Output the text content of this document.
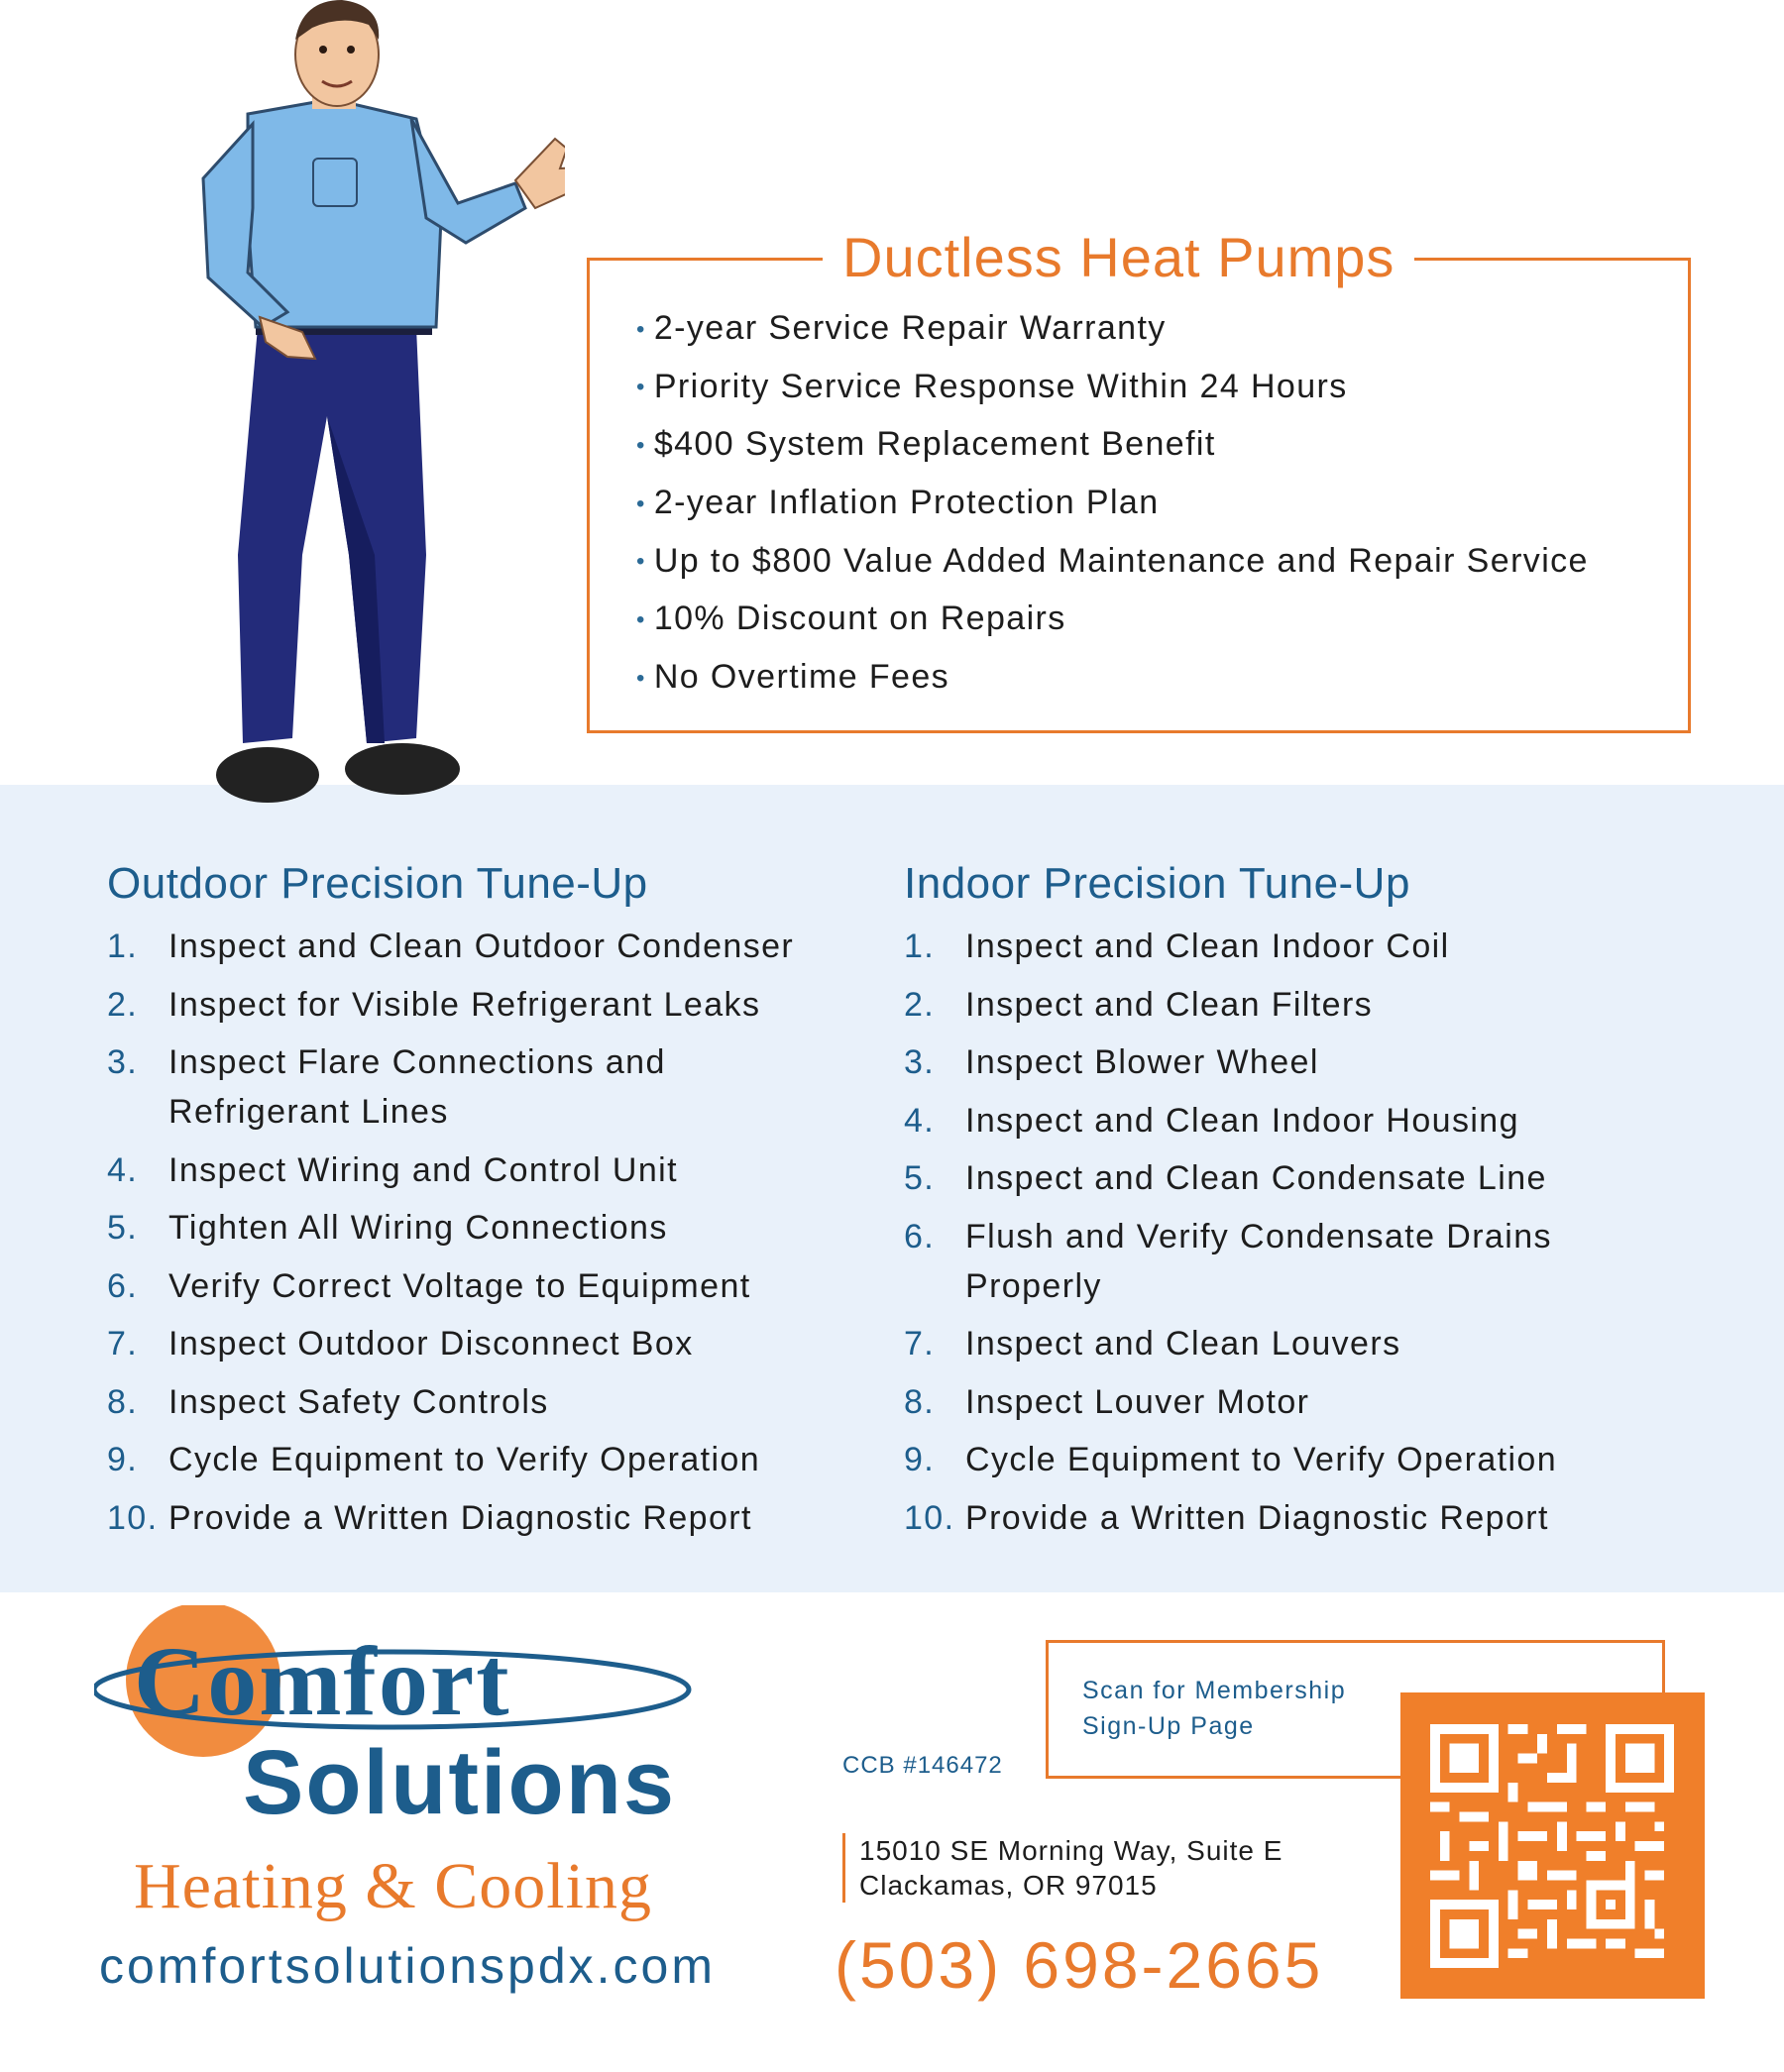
Ductless Heat Pumps
• 2-year Service Repair Warranty
• Priority Service Response Within 24 Hours
• $400 System Replacement Benefit
• 2-year Inflation Protection Plan
• Up to $800 Value Added Maintenance and Repair Service
• 10% Discount on Repairs
• No Overtime Fees
Outdoor Precision Tune-Up
1. Inspect and Clean Outdoor Condenser
2. Inspect for Visible Refrigerant Leaks
3. Inspect Flare Connections and Refrigerant Lines
4. Inspect Wiring and Control Unit
5. Tighten All Wiring Connections
6. Verify Correct Voltage to Equipment
7. Inspect Outdoor Disconnect Box
8. Inspect Safety Controls
9. Cycle Equipment to Verify Operation
10. Provide a Written Diagnostic Report
Indoor Precision Tune-Up
1. Inspect and Clean Indoor Coil
2. Inspect and Clean Filters
3. Inspect Blower Wheel
4. Inspect and Clean Indoor Housing
5. Inspect and Clean Condensate Line
6. Flush and Verify Condensate Drains Properly
7. Inspect and Clean Louvers
8. Inspect Louver Motor
9. Cycle Equipment to Verify Operation
10. Provide a Written Diagnostic Report
Comfort
Solutions
Heating & Cooling
comfortsolutionspdx.com
CCB #146472
15010 SE Morning Way, Suite E
Clackamas, OR 97015
(503) 698-2665
Scan for Membership
Sign-Up Page
